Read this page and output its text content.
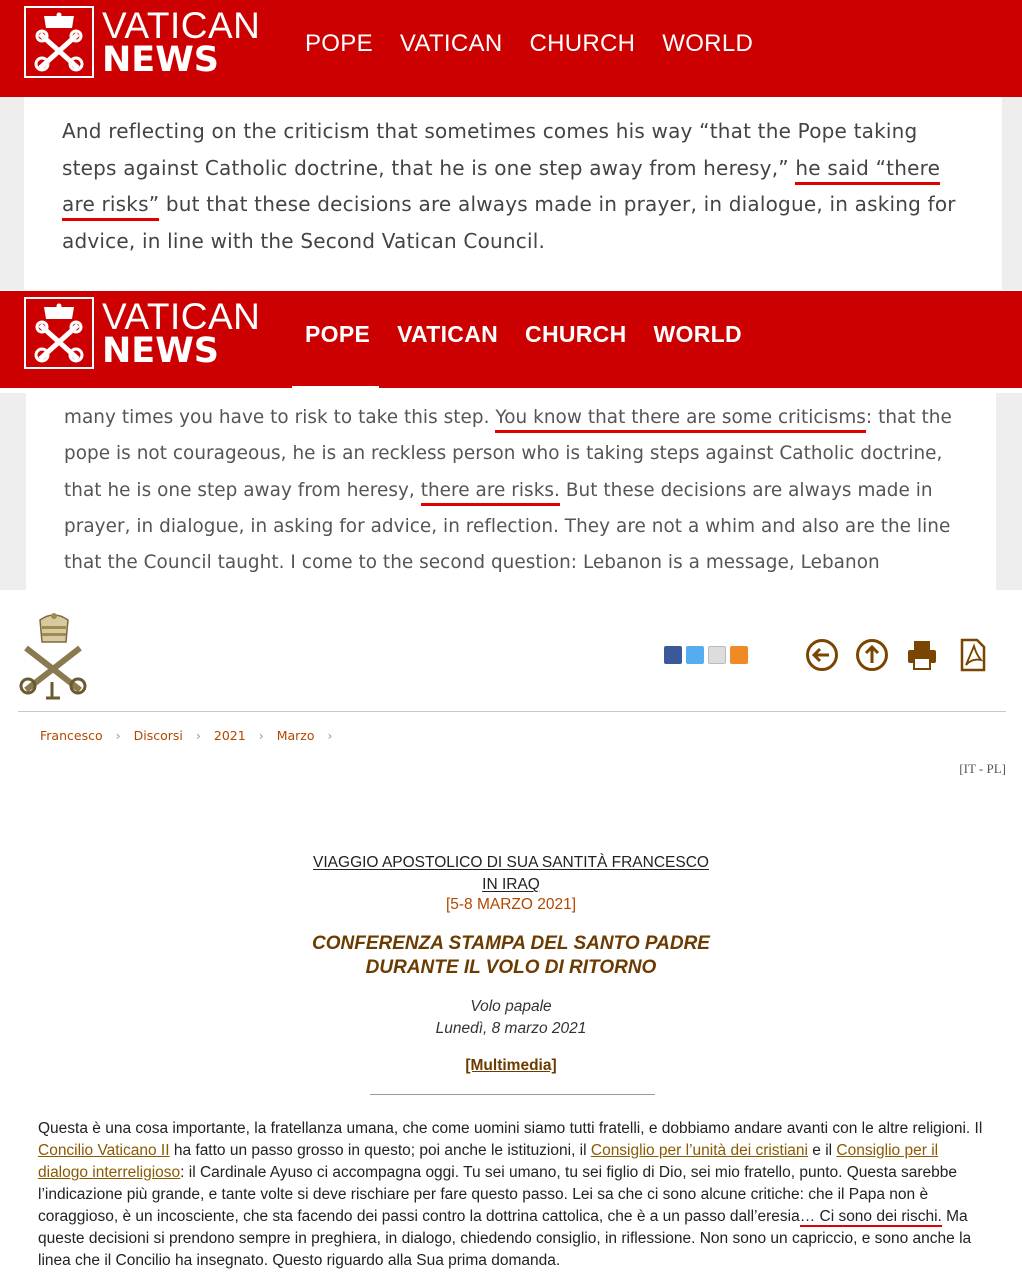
VATICAN
NEWS	POPE VATICAN CHURCH WORLD
And reflecting on the criticism that sometimes comes his way “that the Pope taking steps against Catholic doctrine, that he is one step away from heresy,” he said “there are risks” but that these decisions are always made in prayer, in dialogue, in asking for advice, in line with the Second Vatican Council.
VATICAN
NEWS	POPE VATICAN CHURCH WORLD
many times you have to risk to take this step. You know that there are some criticisms: that the pope is not courageous, he is an reckless person who is taking steps against Catholic doctrine, that he is one step away from heresy, there are risks. But these decisions are always made in prayer, in dialogue, in asking for advice, in reflection. They are not a whim and also are the line that the Council taught. I come to the second question: Lebanon is a message, Lebanon
Francesco › Discorsi › 2021 › Marzo ›
[IT - PL]
VIAGGIO APOSTOLICO DI SUA SANTITÀ FRANCESCO
IN IRAQ
[5-8 MARZO 2021]
CONFERENZA STAMPA DEL SANTO PADRE
DURANTE IL VOLO DI RITORNO
Volo papale
Lunedì, 8 marzo 2021
[Multimedia]
Questa è una cosa importante, la fratellanza umana, che come uomini siamo tutti fratelli, e dobbiamo andare avanti con le altre religioni. Il Concilio Vaticano II ha fatto un passo grosso in questo; poi anche le istituzioni, il Consiglio per l’unità dei cristiani e il Consiglio per il dialogo interreligioso: il Cardinale Ayuso ci accompagna oggi. Tu sei umano, tu sei figlio di Dio, sei mio fratello, punto. Questa sarebbe l’indicazione più grande, e tante volte si deve rischiare per fare questo passo. Lei sa che ci sono alcune critiche: che il Papa non è coraggioso, è un incosciente, che sta facendo dei passi contro la dottrina cattolica, che è a un passo dall’eresia… Ci sono dei rischi. Ma queste decisioni si prendono sempre in preghiera, in dialogo, chiedendo consiglio, in riflessione. Non sono un capriccio, e sono anche la linea che il Concilio ha insegnato. Questo riguardo alla Sua prima domanda.
